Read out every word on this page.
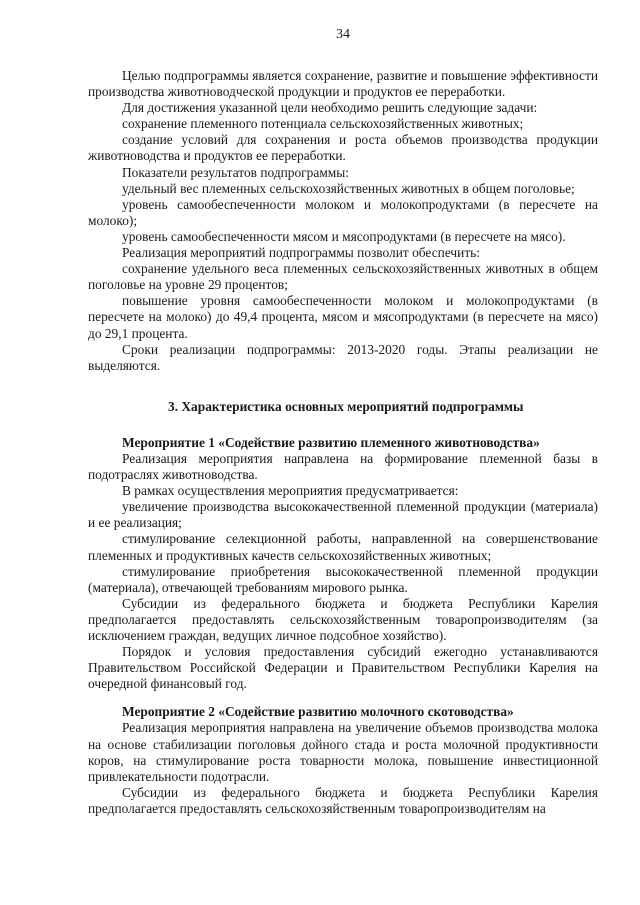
34

Целью подпрограммы является сохранение, развитие и повышение эффективности производства животноводческой продукции и продуктов ее переработки.

Для достижения указанной цели необходимо решить следующие задачи:

сохранение племенного потенциала сельскохозяйственных животных;

создание условий для сохранения и роста объемов производства продукции животноводства и продуктов ее переработки.

Показатели результатов подпрограммы:

удельный вес племенных сельскохозяйственных животных в общем поголовье;

уровень самообеспеченности молоком и молокопродуктами (в пересчете на молоко);

уровень самообеспеченности мясом и мясопродуктами (в пересчете на мясо).

Реализация мероприятий подпрограммы позволит обеспечить:

сохранение удельного веса племенных сельскохозяйственных животных в общем поголовье на уровне 29 процентов;

повышение уровня самообеспеченности молоком и молокопродуктами (в пересчете на молоко) до 49,4 процента, мясом и мясопродуктами (в пересчете на мясо) до 29,1 процента.

Сроки реализации подпрограммы: 2013-2020 годы. Этапы реализации не выделяются.

3. Характеристика основных мероприятий подпрограммы

Мероприятие 1 «Содействие развитию племенного животноводства»

Реализация мероприятия направлена на формирование племенной базы в подотраслях животноводства.

В рамках осуществления мероприятия предусматривается:

увеличение производства высококачественной племенной продукции (материала) и ее реализация;

стимулирование селекционной работы, направленной на совершенствование племенных и продуктивных качеств сельскохозяйственных животных;

стимулирование приобретения высококачественной племенной продукции (материала), отвечающей требованиям мирового рынка.

Субсидии из федерального бюджета и бюджета Республики Карелия предполагается предоставлять сельскохозяйственным товаропроизводителям (за исключением граждан, ведущих личное подсобное хозяйство).

Порядок и условия предоставления субсидий ежегодно устанавливаются Правительством Российской Федерации и Правительством Республики Карелия на очередной финансовый год.

Мероприятие 2 «Содействие развитию молочного скотоводства»

Реализация мероприятия направлена на увеличение объемов производства молока на основе стабилизации поголовья дойного стада и роста молочной продуктивности коров, на стимулирование роста товарности молока, повышение инвестиционной привлекательности подотрасли.

Субсидии из федерального бюджета и бюджета Республики Карелия предполагается предоставлять сельскохозяйственным товаропроизводителям на
